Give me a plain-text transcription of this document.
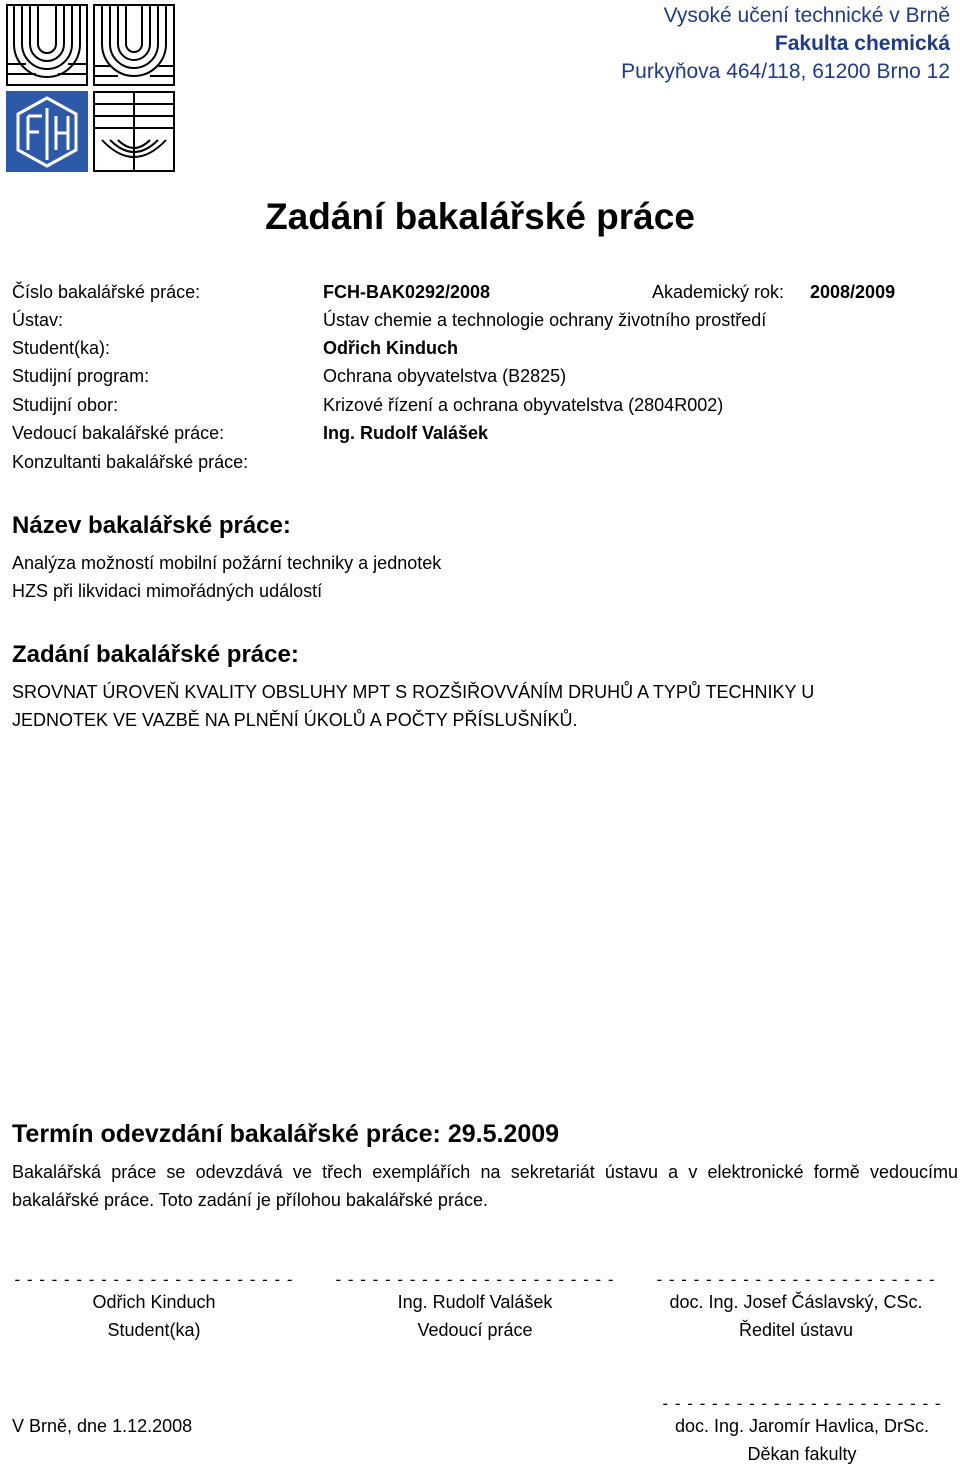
Vysoké učení technické v Brně
Fakulta chemická
Purkyňova 464/118, 61200 Brno 12
Zadání bakalářské práce
Číslo bakalářské práce:	FCH-BAK0292/2008	Akademický rok: 2008/2009
Ústav:	Ústav chemie a technologie ochrany životního prostředí
Student(ka):	Odřich Kinduch
Studijní program:	Ochrana obyvatelstva (B2825)
Studijní obor:	Krizové řízení a ochrana obyvatelstva (2804R002)
Vedoucí bakalářské práce:	Ing. Rudolf Valášek
Konzultanti bakalářské práce:
Název bakalářské práce:
Analýza možností mobilní požární techniky a jednotek
HZS při likvidaci mimořádných událostí
Zadání bakalářské práce:
SROVNAT ÚROVEŇ KVALITY OBSLUHY MPT S ROZŠIŘOVVÁNÍM DRUHŮ A TYPŮ TECHNIKY U
JEDNOTEK VE VAZBĚ NA PLNĚNÍ ÚKOLŮ A POČTY PŘÍSLUŠNÍKŮ.
Termín odevzdání bakalářské práce: 29.5.2009
Bakalářská práce se odevzdává ve třech exemplářích na sekretariát ústavu a v elektronické formě vedoucímu bakalářské práce. Toto zadání je přílohou bakalářské práce.
- - - - - - - - - - - - - - - - - - - - - - -	- - - - - - - - - - - - - - - - - - - - - - -	- - - - - - - - - - - - - - - - - - - - - - -
Odřich Kinduch	Ing. Rudolf Valášek	doc. Ing. Josef Čáslavský, CSc.
Student(ka)	Vedoucí práce	Ředitel ústavu
- - - - - - - - - - - - - - - - - - - - - - -
V Brně, dne 1.12.2008	doc. Ing. Jaromír Havlica, DrSc.
Děkan fakulty
